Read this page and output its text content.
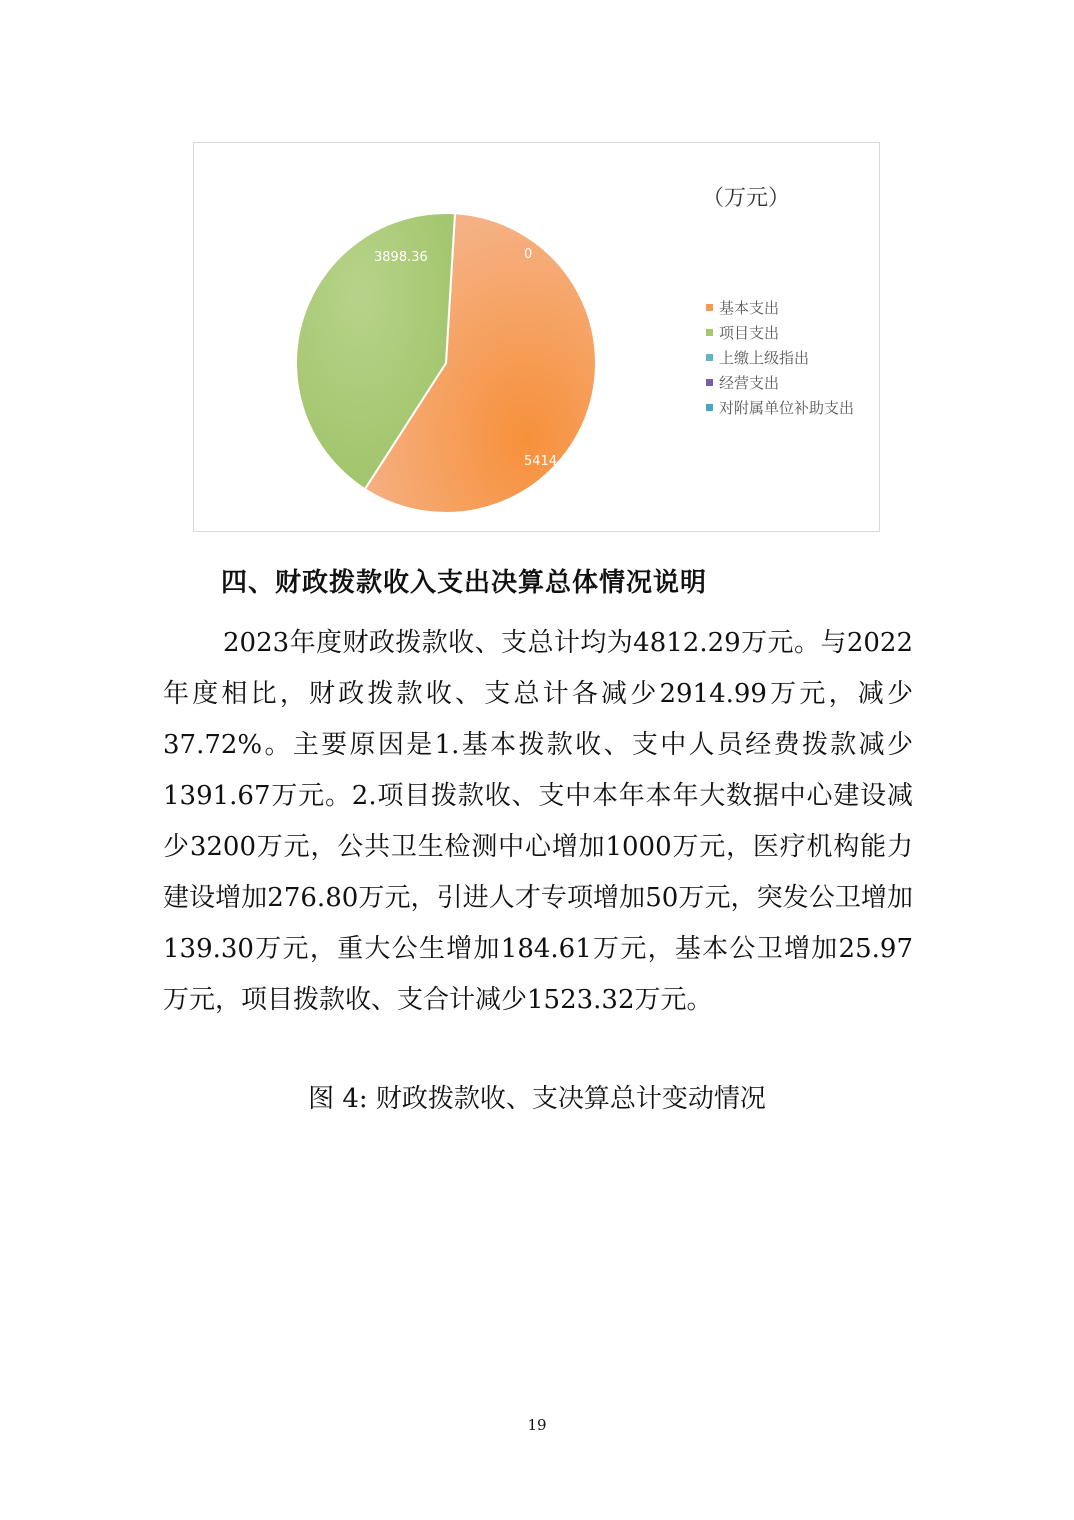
5414.14
3898.36	0
（万元）
基本支出
项目支出
上缴上级指出
经营支出
对附属单位补助支出
四、财政拨款收入支出决算总体情况说明

2023年度财政拨款收、支总计均为4812.29万元。与2022年度相比，财政拨款收、支总计各减少2914.99万元，减少37.72%。主要原因是1.基本拨款收、支中人员经费拨款减少1391.67万元。2.项目拨款收、支中本年本年大数据中心建设减少3200万元，公共卫生检测中心增加1000万元，医疗机构能力建设增加276.80万元，引进人才专项增加50万元，突发公卫增加139.30万元，重大公生增加184.61万元，基本公卫增加25.97万元，项目拨款收、支合计减少1523.32万元。

图 4: 财政拨款收、支决算总计变动情况
19
